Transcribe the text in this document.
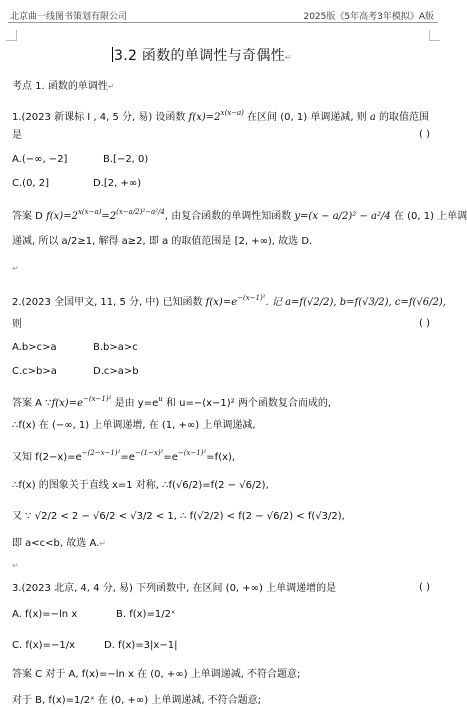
北京曲一线图书策划有限公司	2025版《5年高考3年模拟》A版
3.2 函数的单调性与奇偶性↵
考点 1. 函数的单调性↵
1.(2023 新课标 I , 4, 5 分, 易) 设函数 $f(x)=2^{x(x-a)}$ 在区间 (0, 1) 单调递减, 则 a 的取值范围
是	( )
A.(−∞, −2]	B.[−2, 0)
C.(0, 2]	D.[2, +∞)
答案 D $f(x)=2^{x(x-a)}=2^{(x-a/2)^2-a^2/4}$, 由复合函数的单调性知函数 y=(x − a/2)² − a²/4 在 (0, 1) 上单调
递减, 所以 a/2≥1, 解得 a≥2, 即 a 的取值范围是 [2, +∞), 故选 D.
↵
2.(2023 全国甲文, 11, 5 分, 中) 已知函数 $f(x)=e^{-(x-1)^2}$. 记 a=f(√2/2), b=f(√3/2), c=f(√6/2),
则	( )
A.b>c>a	B.b>a>c
C.c>b>a	D.c>a>b
答案 A $\because f(x)=e^{-(x-1)^2}$ 是由 $y=e^u$ 和 u=−(x−1)² 两个函数复合而成的,
∴f(x) 在 (−∞, 1) 上单调递增, 在 (1, +∞) 上单调递减,
又知 $f(2-x)=e^{-(2-x-1)^2}=e^{-(1-x)^2}=e^{-(x-1)^2}=f(x)$,
∴f(x) 的图象关于直线 x=1 对称, ∴f(√6/2)=f(2 − √6/2),
又 ∵ √2/2 < 2 − √6/2 < √3/2 < 1, ∴ f(√2/2) < f(2 − √6/2) < f(√3/2),
即 a<c<b, 故选 A.↵
↵
3.(2023 北京, 4, 4 分, 易) 下列函数中, 在区间 (0, +∞) 上单调递增的是	( )
A. f(x)=−ln x	B. f(x)=1/2ˣ
C. f(x)=−1/x	D. f(x)=3|x−1|
答案 C 对于 A, f(x)=−ln x 在 (0, +∞) 上单调递减, 不符合题意;
对于 B, f(x)=1/2ˣ 在 (0, +∞) 上单调递减, 不符合题意;
